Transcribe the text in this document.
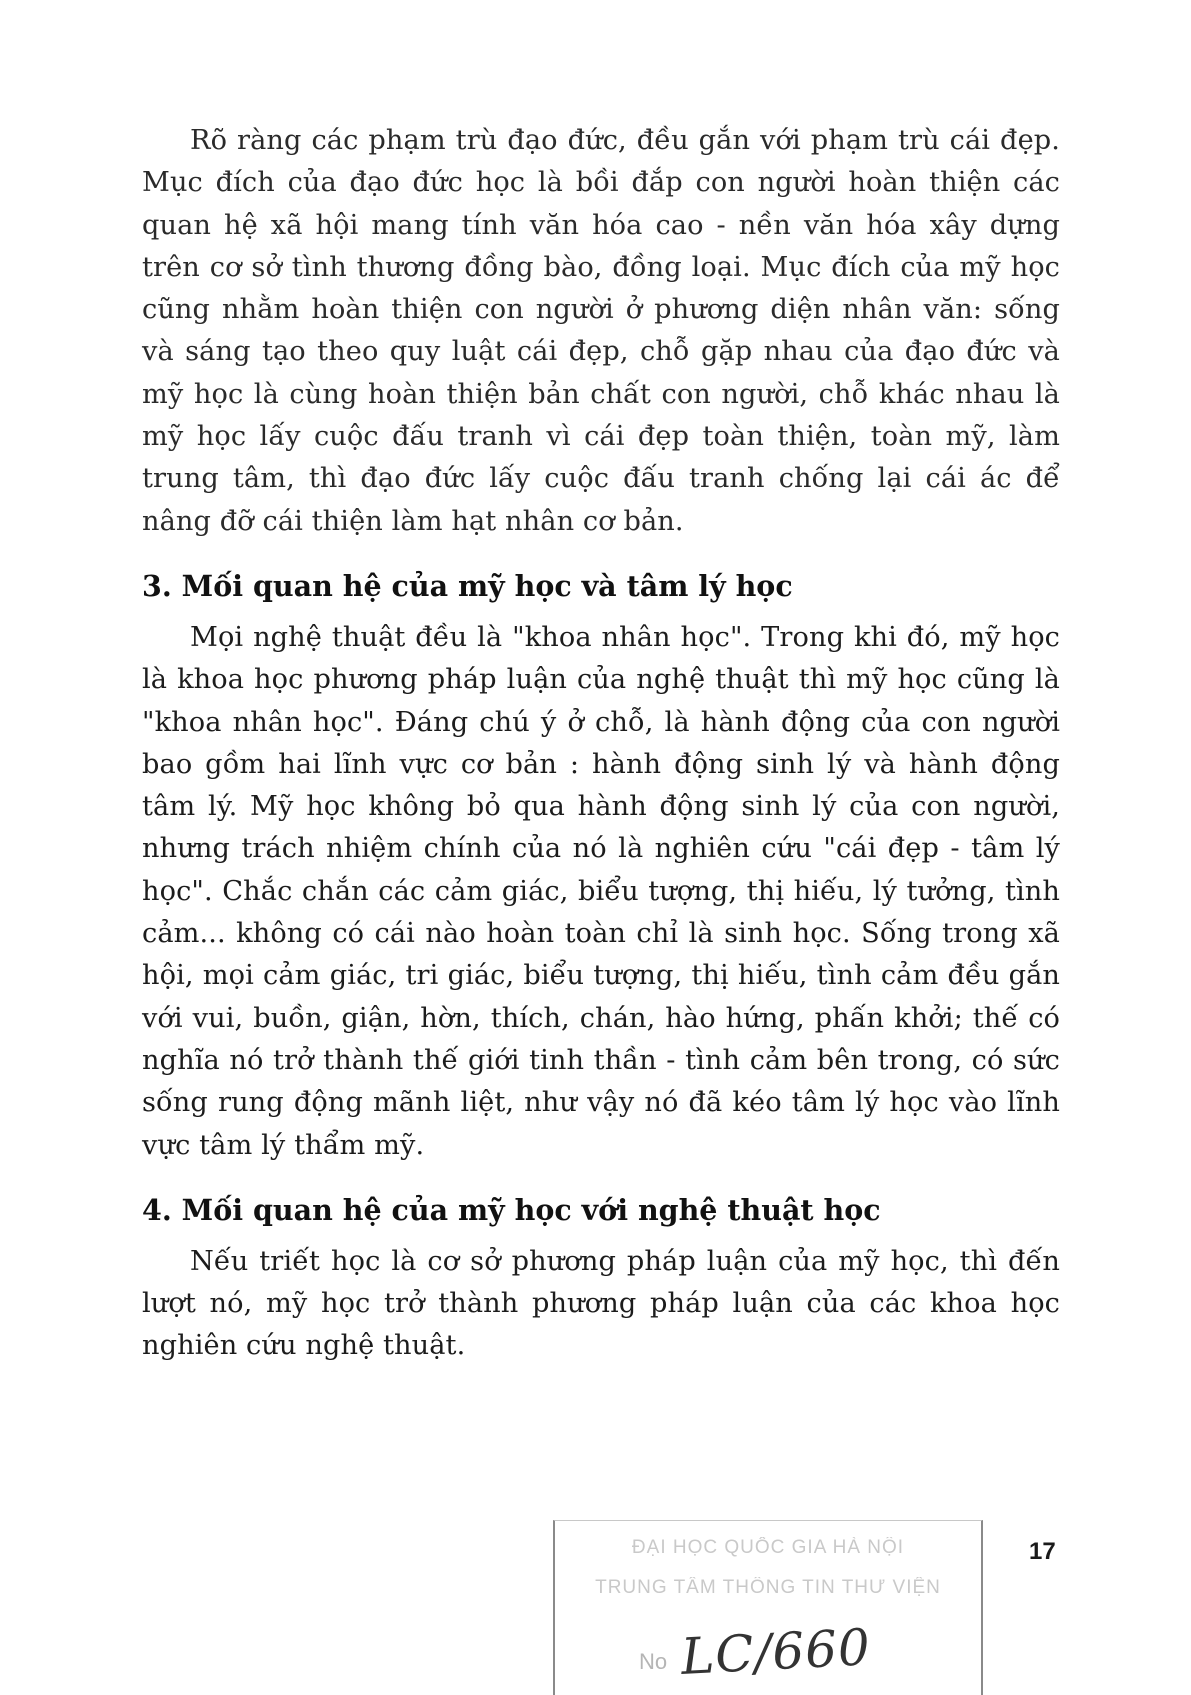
Rõ ràng các phạm trù đạo đức, đều gắn với phạm trù cái đẹp. Mục đích của đạo đức học là bồi đắp con người hoàn thiện các quan hệ xã hội mang tính văn hóa cao - nền văn hóa xây dựng trên cơ sở tình thương đồng bào, đồng loại. Mục đích của mỹ học cũng nhằm hoàn thiện con người ở phương diện nhân văn: sống và sáng tạo theo quy luật cái đẹp, chỗ gặp nhau của đạo đức và mỹ học là cùng hoàn thiện bản chất con người, chỗ khác nhau là mỹ học lấy cuộc đấu tranh vì cái đẹp toàn thiện, toàn mỹ, làm trung tâm, thì đạo đức lấy cuộc đấu tranh chống lại cái ác để nâng đỡ cái thiện làm hạt nhân cơ bản.

3. Mối quan hệ của mỹ học và tâm lý học

Mọi nghệ thuật đều là "khoa nhân học". Trong khi đó, mỹ học là khoa học phương pháp luận của nghệ thuật thì mỹ học cũng là "khoa nhân học". Đáng chú ý ở chỗ, là hành động của con người bao gồm hai lĩnh vực cơ bản : hành động sinh lý và hành động tâm lý. Mỹ học không bỏ qua hành động sinh lý của con người, nhưng trách nhiệm chính của nó là nghiên cứu "cái đẹp - tâm lý học". Chắc chắn các cảm giác, biểu tượng, thị hiếu, lý tưởng, tình cảm... không có cái nào hoàn toàn chỉ là sinh học. Sống trong xã hội, mọi cảm giác, tri giác, biểu tượng, thị hiếu, tình cảm đều gắn với vui, buồn, giận, hờn, thích, chán, hào hứng, phấn khởi; thế có nghĩa nó trở thành thế giới tinh thần - tình cảm bên trong, có sức sống rung động mãnh liệt, như vậy nó đã kéo tâm lý học vào lĩnh vực tâm lý thẩm mỹ.

4. Mối quan hệ của mỹ học với nghệ thuật học

Nếu triết học là cơ sở phương pháp luận của mỹ học, thì đến lượt nó, mỹ học trở thành phương pháp luận của các khoa học nghiên cứu nghệ thuật.

ĐẠI HỌC QUỐC GIA HÀ NỘI
TRUNG TÂM THÔNG TIN THƯ VIỆN
No LC/660
17
